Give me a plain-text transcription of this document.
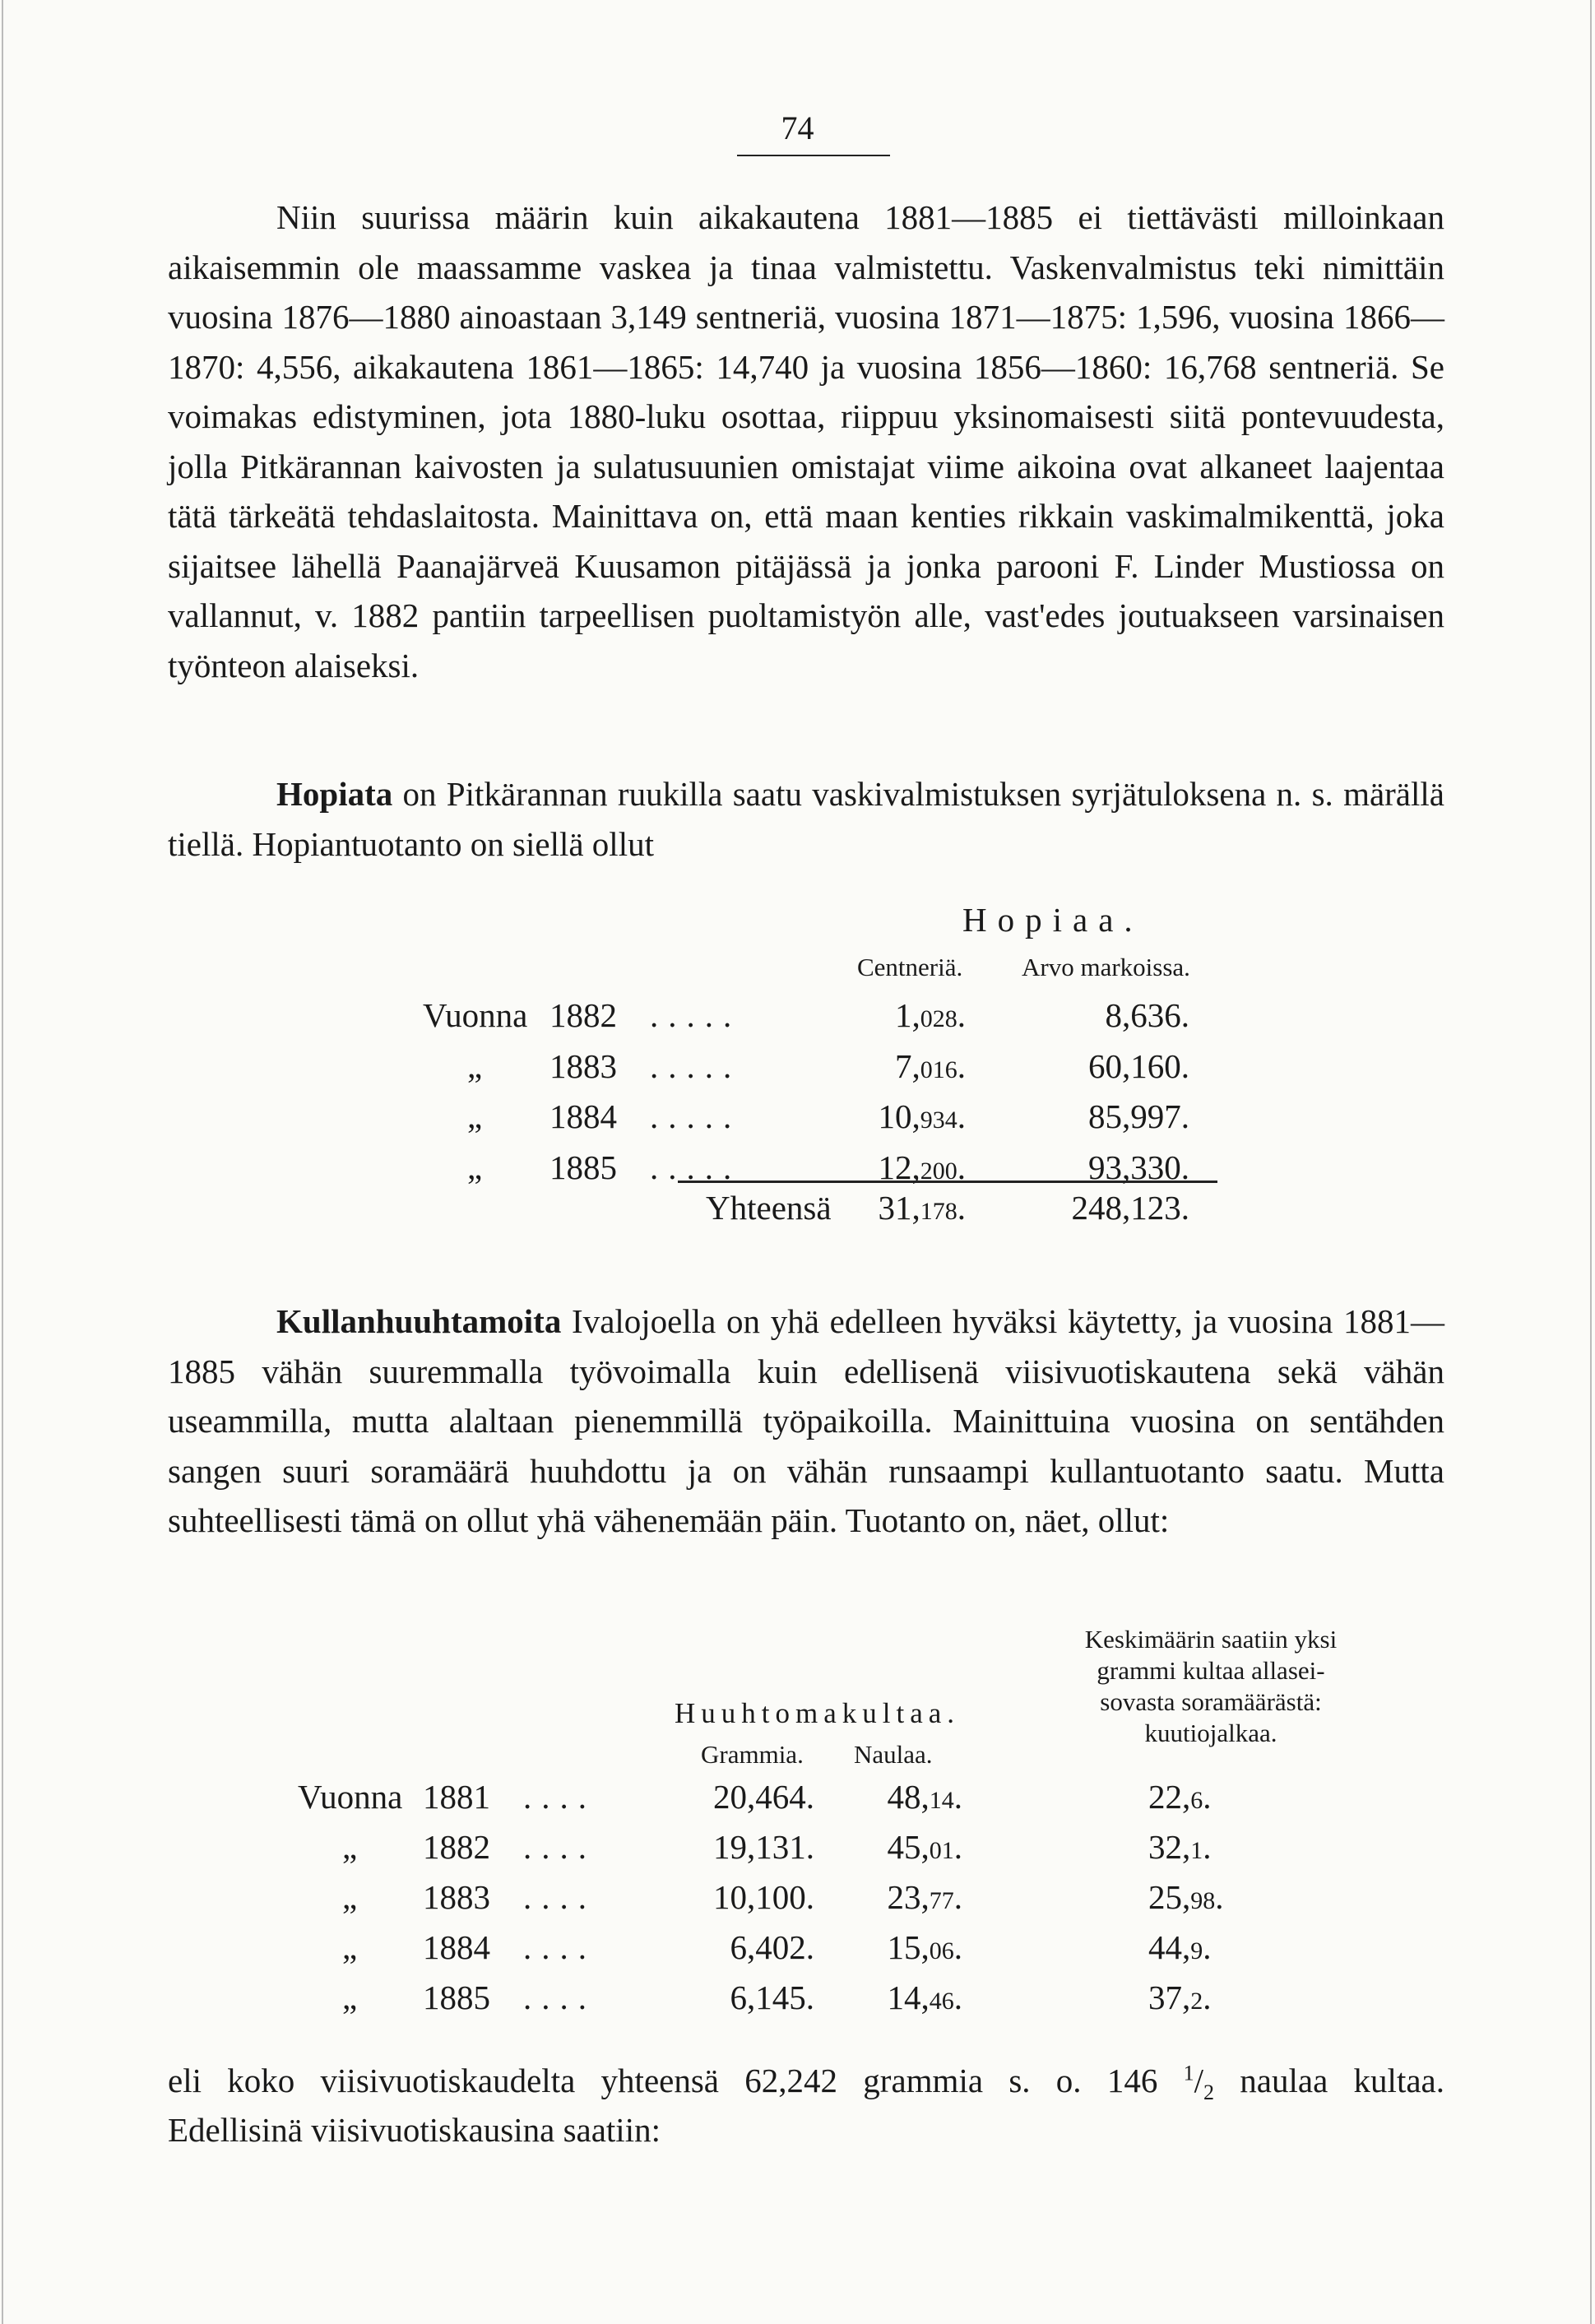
74

Niin suurissa määrin kuin aikakautena 1881—1885 ei tiettävästi milloinkaan aikaisemmin ole maassamme vaskea ja tinaa valmistettu. Vaskenvalmistus teki nimittäin vuosina 1876—1880 ainoastaan 3,149 sentneriä, vuosina 1871—1875: 1,596, vuosina 1866—1870: 4,556, aikakautena 1861—1865: 14,740 ja vuosina 1856—1860: 16,768 sentneriä. Se voimakas edistyminen, jota 1880-luku osottaa, riippuu yksinomaisesti siitä pontevuudesta, jolla Pitkärannan kaivosten ja sulatusuunien omistajat viime aikoina ovat alkaneet laajentaa tätä tärkeätä tehdaslaitosta. Mainittava on, että maan kenties rikkain vaskimalmikenttä, joka sijaitsee lähellä Paanajärveä Kuusamon pitäjässä ja jonka parooni F. Linder Mustiossa on vallannut, v. 1882 pantiin tarpeellisen puoltamistyön alle, vast'edes joutuakseen varsinaisen työnteon alaiseksi.

Hopiata on Pitkärannan ruukilla saatu vaskivalmistuksen syrjätuloksena n. s. märällä tiellä. Hopiantuotanto on siellä ollut

Hopiaa.
Centneriä. Arvo markoissa.
Vuonna 1882 .....	1,028.	8,636.
„ 1883 .....	7,016.	60,160.
„ 1884 .....	10,934.	85,997.
„ 1885 .....	12,200.	93,330.
Yhteensä	31,178.	248,123.

Kullanhuuhtamoita Ivalojoella on yhä edelleen hyväksi käytetty, ja vuosina 1881—1885 vähän suuremmalla työvoimalla kuin edellisenä viisivuotiskautena sekä vähän useammilla, mutta alaltaan pienemmillä työpaikoilla. Mainittuina vuosina on sentähden sangen suuri soramäärä huuhdottu ja on vähän runsaampi kullantuotanto saatu. Mutta suhteellisesti tämä on ollut yhä vähenemään päin. Tuotanto on, näet, ollut:

Keskimäärin saatiin yksi
grammi kultaa allasei-
sovasta soramäärästä:
kuutiojalkaa.
Huuhtomakultaa.
Grammia. Naulaa.
Vuonna 1881 ....	20,464.	48,14.	22,6.
„ 1882 ....	19,131.	45,01.	32,1.
„ 1883 ....	10,100.	23,77.	25,98.
„ 1884 ....	6,402.	15,06.	44,9.
„ 1885 ....	6,145.	14,46.	37,2.
eli koko viisivuotiskaudelta yhteensä 62,242 grammia s. o. 146 $^1/_2$ naulaa kultaa.
Edellisinä viisivuotiskausina saatiin:
